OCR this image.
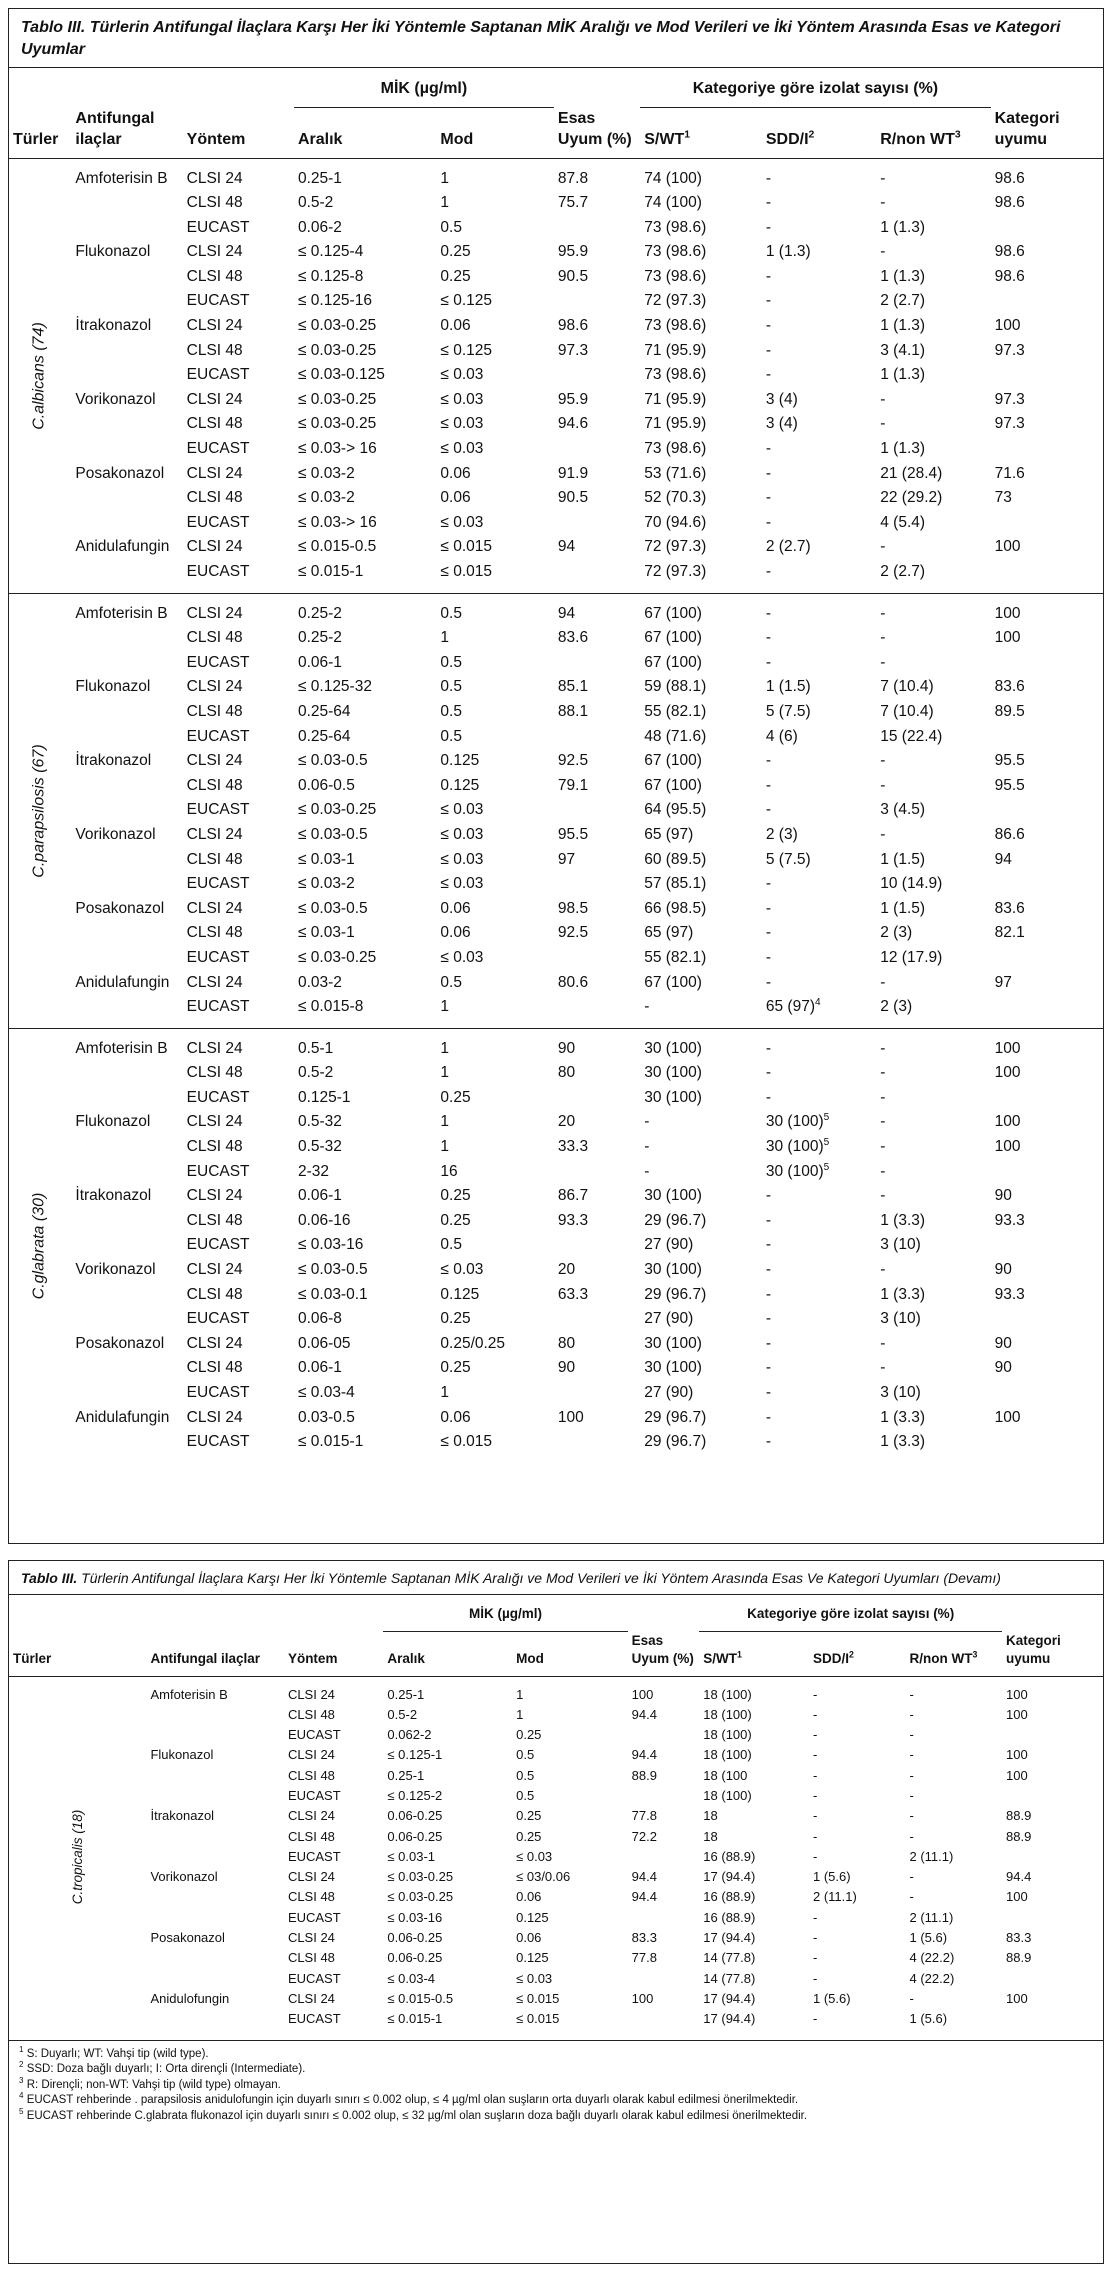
Tablo III. Türlerin Antifungal İlaçlara Karşı Her İki Yöntemle Saptanan MİK Aralığı ve Mod Verileri ve İki Yöntem Arasında Esas ve Kategori Uyumlar
			MİK (µg/ml)			Kategoriye göre izolat sayısı (%)			
Türler	Antifungal ilaçlar	Yöntem	Aralık	Mod	Esas Uyum (%)	$S/WT^1$	SDD/$I^2$	R/non $WT^3$	Kategori uyumu

C.albicans (74)	Amfoterisin B	CLSI 24	0.25-1	1	87.8	74 (100)	-	-	98.6
		CLSI 48	0.5-2	1	75.7	74 (100)	-	-	98.6
		EUCAST	0.06-2	0.5		73 (98.6)	-	1 (1.3)	
	Flukonazol	CLSI 24	≤ 0.125-4	0.25	95.9	73 (98.6)	1 (1.3)	-	98.6
		CLSI 48	≤ 0.125-8	0.25	90.5	73 (98.6)	-	1 (1.3)	98.6
		EUCAST	≤ 0.125-16	≤ 0.125		72 (97.3)	-	2 (2.7)	
	İtrakonazol	CLSI 24	≤ 0.03-0.25	0.06	98.6	73 (98.6)	-	1 (1.3)	100
		CLSI 48	≤ 0.03-0.25	≤ 0.125	97.3	71 (95.9)	-	3 (4.1)	97.3
		EUCAST	≤ 0.03-0.125	≤ 0.03		73 (98.6)	-	1 (1.3)	
	Vorikonazol	CLSI 24	≤ 0.03-0.25	≤ 0.03	95.9	71 (95.9)	3 (4)	-	97.3
		CLSI 48	≤ 0.03-0.25	≤ 0.03	94.6	71 (95.9)	3 (4)	-	97.3
		EUCAST	≤ 0.03-> 16	≤ 0.03		73 (98.6)	-	1 (1.3)	
	Posakonazol	CLSI 24	≤ 0.03-2	0.06	91.9	53 (71.6)	-	21 (28.4)	71.6
		CLSI 48	≤ 0.03-2	0.06	90.5	52 (70.3)	-	22 (29.2)	73
		EUCAST	≤ 0.03-> 16	≤ 0.03		70 (94.6)	-	4 (5.4)	
	Anidulafungin	CLSI 24	≤ 0.015-0.5	≤ 0.015	94	72 (97.3)	2 (2.7)	-	100
		EUCAST	≤ 0.015-1	≤ 0.015		72 (97.3)	-	2 (2.7)	

C.parapsilosis (67)	Amfoterisin B	CLSI 24	0.25-2	0.5	94	67 (100)	-	-	100
		CLSI 48	0.25-2	1	83.6	67 (100)	-	-	100
		EUCAST	0.06-1	0.5		67 (100)	-	-	
	Flukonazol	CLSI 24	≤ 0.125-32	0.5	85.1	59 (88.1)	1 (1.5)	7 (10.4)	83.6
		CLSI 48	0.25-64	0.5	88.1	55 (82.1)	5 (7.5)	7 (10.4)	89.5
		EUCAST	0.25-64	0.5		48 (71.6)	4 (6)	15 (22.4)	
	İtrakonazol	CLSI 24	≤ 0.03-0.5	0.125	92.5	67 (100)	-	-	95.5
		CLSI 48	0.06-0.5	0.125	79.1	67 (100)	-	-	95.5
		EUCAST	≤ 0.03-0.25	≤ 0.03		64 (95.5)	-	3 (4.5)	
	Vorikonazol	CLSI 24	≤ 0.03-0.5	≤ 0.03	95.5	65 (97)	2 (3)	-	86.6
		CLSI 48	≤ 0.03-1	≤ 0.03	97	60 (89.5)	5 (7.5)	1 (1.5)	94
		EUCAST	≤ 0.03-2	≤ 0.03		57 (85.1)	-	10 (14.9)	
	Posakonazol	CLSI 24	≤ 0.03-0.5	0.06	98.5	66 (98.5)	-	1 (1.5)	83.6
		CLSI 48	≤ 0.03-1	0.06	92.5	65 (97)	-	2 (3)	82.1
		EUCAST	≤ 0.03-0.25	≤ 0.03		55 (82.1)	-	12 (17.9)	
	Anidulafungin	CLSI 24	0.03-2	0.5	80.6	67 (100)	-	-	97
		EUCAST	≤ 0.015-8	1		-	65 $(97)^4$	2 (3)	

C.glabrata (30)	Amfoterisin B	CLSI 24	0.5-1	1	90	30 (100)	-	-	100
		CLSI 48	0.5-2	1	80	30 (100)	-	-	100
		EUCAST	0.125-1	0.25		30 (100)	-	-	
	Flukonazol	CLSI 24	0.5-32	1	20	-	30 $(100)^5$	-	100
		CLSI 48	0.5-32	1	33.3	-	30 $(100)^5$	-	100
		EUCAST	2-32	16		-	30 $(100)^5$	-	
	İtrakonazol	CLSI 24	0.06-1	0.25	86.7	30 (100)	-	-	90
		CLSI 48	0.06-16	0.25	93.3	29 (96.7)	-	1 (3.3)	93.3
		EUCAST	≤ 0.03-16	0.5		27 (90)	-	3 (10)	
	Vorikonazol	CLSI 24	≤ 0.03-0.5	≤ 0.03	20	30 (100)	-	-	90
		CLSI 48	≤ 0.03-0.1	0.125	63.3	29 (96.7)	-	1 (3.3)	93.3
		EUCAST	0.06-8	0.25		27 (90)	-	3 (10)	
	Posakonazol	CLSI 24	0.06-05	0.25/0.25	80	30 (100)	-	-	90
		CLSI 48	0.06-1	0.25	90	30 (100)	-	-	90
		EUCAST	≤ 0.03-4	1		27 (90)	-	3 (10)	
	Anidulafungin	CLSI 24	0.03-0.5	0.06	100	29 (96.7)	-	1 (3.3)	100
		EUCAST	≤ 0.015-1	≤ 0.015		29 (96.7)	-	1 (3.3)	
Tablo III. Türlerin Antifungal İlaçlara Karşı Her İki Yöntemle Saptanan MİK Aralığı ve Mod Verileri ve İki Yöntem Arasında Esas Ve Kategori Uyumları (Devamı)
			MİK (µg/ml)			Kategoriye göre izolat sayısı (%)			
Türler	Antifungal ilaçlar	Yöntem	Aralık	Mod	Esas Uyum (%)	$S/WT^1$	SDD/$I^2$	R/non $WT^3$	Kategori uyumu

C.tropicalis (18)	Amfoterisin B	CLSI 24	0.25-1	1	100	18 (100)	-	-	100
		CLSI 48	0.5-2	1	94.4	18 (100)	-	-	100
		EUCAST	0.062-2	0.25		18 (100)	-	-	
	Flukonazol	CLSI 24	≤ 0.125-1	0.5	94.4	18 (100)	-	-	100
		CLSI 48	0.25-1	0.5	88.9	18 (100	-	-	100
		EUCAST	≤ 0.125-2	0.5		18 (100)	-	-	
	İtrakonazol	CLSI 24	0.06-0.25	0.25	77.8	18	-	-	88.9
		CLSI 48	0.06-0.25	0.25	72.2	18	-	-	88.9
		EUCAST	≤ 0.03-1	≤ 0.03		16 (88.9)	-	2 (11.1)	
	Vorikonazol	CLSI 24	≤ 0.03-0.25	≤ 03/0.06	94.4	17 (94.4)	1 (5.6)	-	94.4
		CLSI 48	≤ 0.03-0.25	0.06	94.4	16 (88.9)	2 (11.1)	-	100
		EUCAST	≤ 0.03-16	0.125		16 (88.9)	-	2 (11.1)	
	Posakonazol	CLSI 24	0.06-0.25	0.06	83.3	17 (94.4)	-	1 (5.6)	83.3
		CLSI 48	0.06-0.25	0.125	77.8	14 (77.8)	-	4 (22.2)	88.9
		EUCAST	≤ 0.03-4	≤ 0.03		14 (77.8)	-	4 (22.2)	
	Anidulofungin	CLSI 24	≤ 0.015-0.5	≤ 0.015	100	17 (94.4)	1 (5.6)	-	100
		EUCAST	≤ 0.015-1	≤ 0.015		17 (94.4)	-	1 (5.6)	
$^1$ S: Duyarlı; WT: Vahşi tip (wild type).
$^2$ SSD: Doza bağlı duyarlı; I: Orta dirençli (Intermediate).
$^3$ R: Dirençli; non-WT: Vahşi tip (wild type) olmayan.
$^4$ EUCAST rehberinde . parapsilosis anidulofungin için duyarlı sınırı ≤ 0.002 olup, ≤ 4 µg/ml olan suşların orta duyarlı olarak kabul edilmesi önerilmektedir.
$^5$ EUCAST rehberinde C.glabrata flukonazol için duyarlı sınırı ≤ 0.002 olup, ≤ 32 µg/ml olan suşların doza bağlı duyarlı olarak kabul edilmesi önerilmektedir.
